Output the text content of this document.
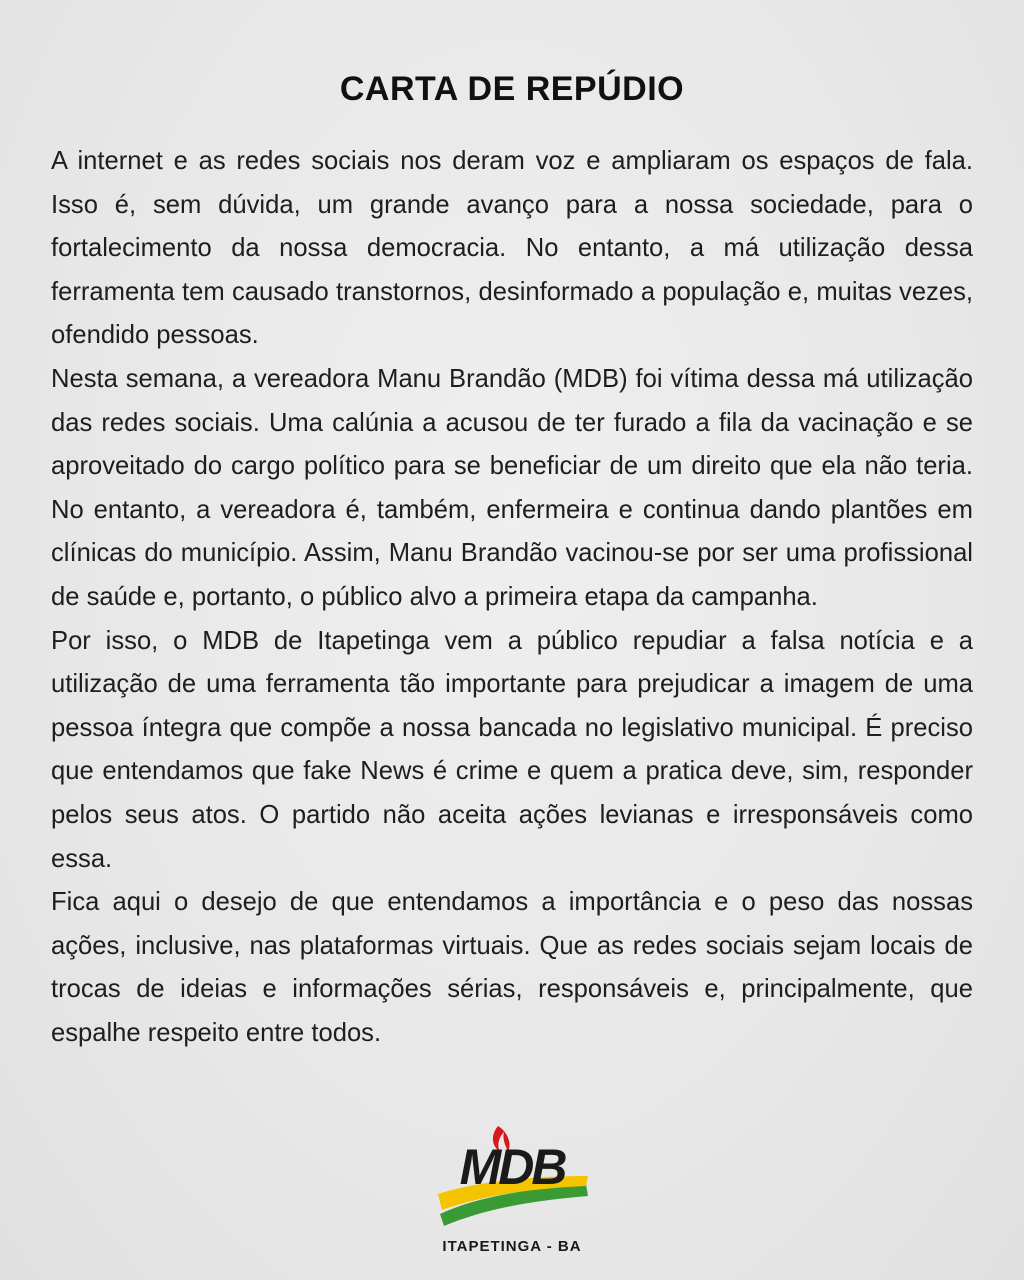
CARTA DE REPÚDIO

A internet e as redes sociais nos deram voz e ampliaram os espaços de fala. Isso é, sem dúvida, um grande avanço para a nossa sociedade, para o fortalecimento da nossa democracia. No entanto, a má utilização dessa ferramenta tem causado transtornos, desinformado a população e, muitas vezes, ofendido pessoas.

Nesta semana, a vereadora Manu Brandão (MDB) foi vítima dessa má utilização das redes sociais. Uma calúnia a acusou de ter furado a fila da vacinação e se aproveitado do cargo político para se beneficiar de um direito que ela não teria. No entanto, a vereadora é, também, enfermeira e continua dando plantões em clínicas do município. Assim, Manu Brandão vacinou-se por ser uma profissional de saúde e, portanto, o público alvo a primeira etapa da campanha.

Por isso, o MDB de Itapetinga vem a público repudiar a falsa notícia e a utilização de uma ferramenta tão importante para prejudicar a imagem de uma pessoa íntegra que compõe a nossa bancada no legislativo municipal. É preciso que entendamos que fake News é crime e quem a pratica deve, sim, responder pelos seus atos. O partido não aceita ações levianas e irresponsáveis como essa.

Fica aqui o desejo de que entendamos a importância e o peso das nossas ações, inclusive, nas plataformas virtuais. Que as redes sociais sejam locais de trocas de ideias e informações sérias, responsáveis e, principalmente, que espalhe respeito entre todos.

MDB
ITAPETINGA - BA
